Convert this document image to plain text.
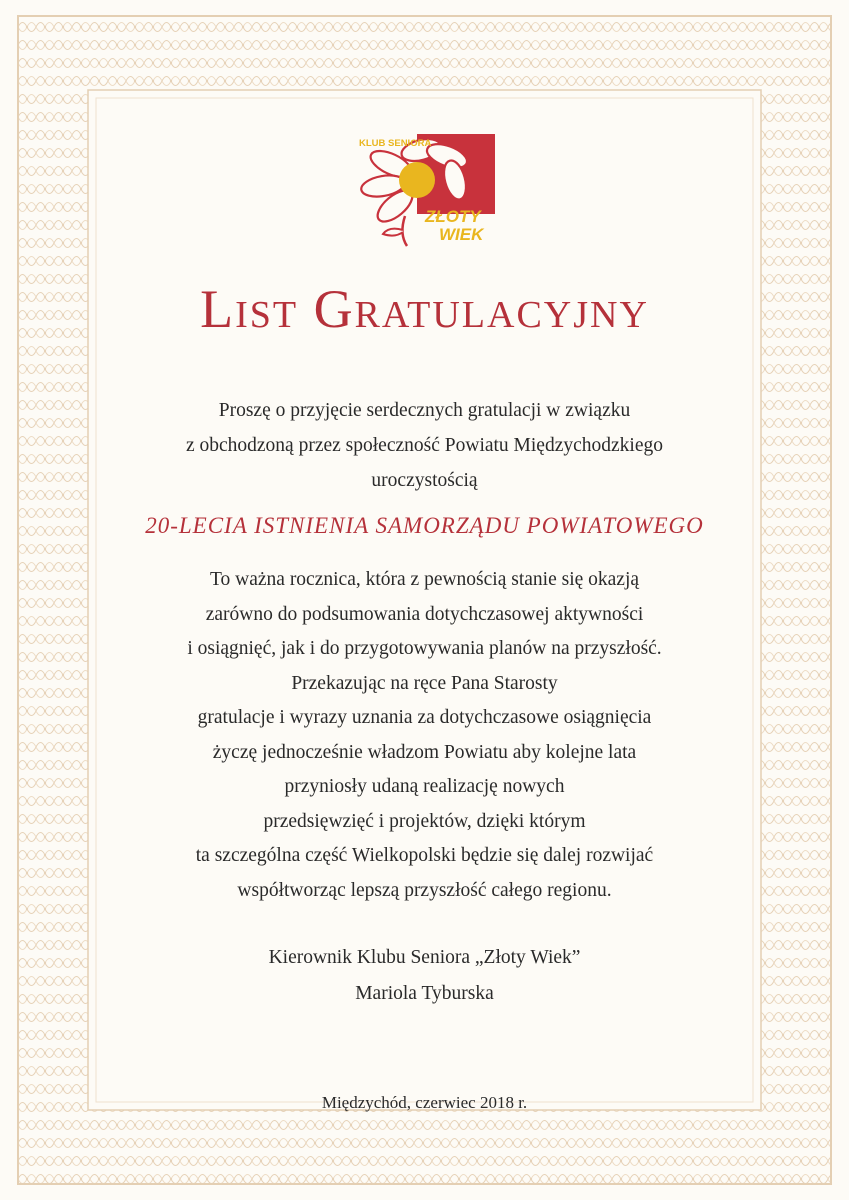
KLUB SENIORA
ZŁOTY
WIEK
List Gratulacyjny
Proszę o przyjęcie serdecznych gratulacji w związku
z obchodzoną przez społeczność Powiatu Międzychodzkiego
uroczystością
20-LECIA ISTNIENIA SAMORZĄDU POWIATOWEGO
To ważna rocznica, która z pewnością stanie się okazją
zarówno do podsumowania dotychczasowej aktywności
i osiągnięć, jak i do przygotowywania planów na przyszłość.
Przekazując na ręce Pana Starosty
gratulacje i wyrazy uznania za dotychczasowe osiągnięcia
życzę jednocześnie władzom Powiatu aby kolejne lata
przyniosły udaną realizację nowych
przedsięwzięć i projektów, dzięki którym
ta szczególna część Wielkopolski będzie się dalej rozwijać
współtworząc lepszą przyszłość całego regionu.
Kierownik Klubu Seniora „Złoty Wiek”
Mariola Tyburska
Międzychód, czerwiec 2018 r.
